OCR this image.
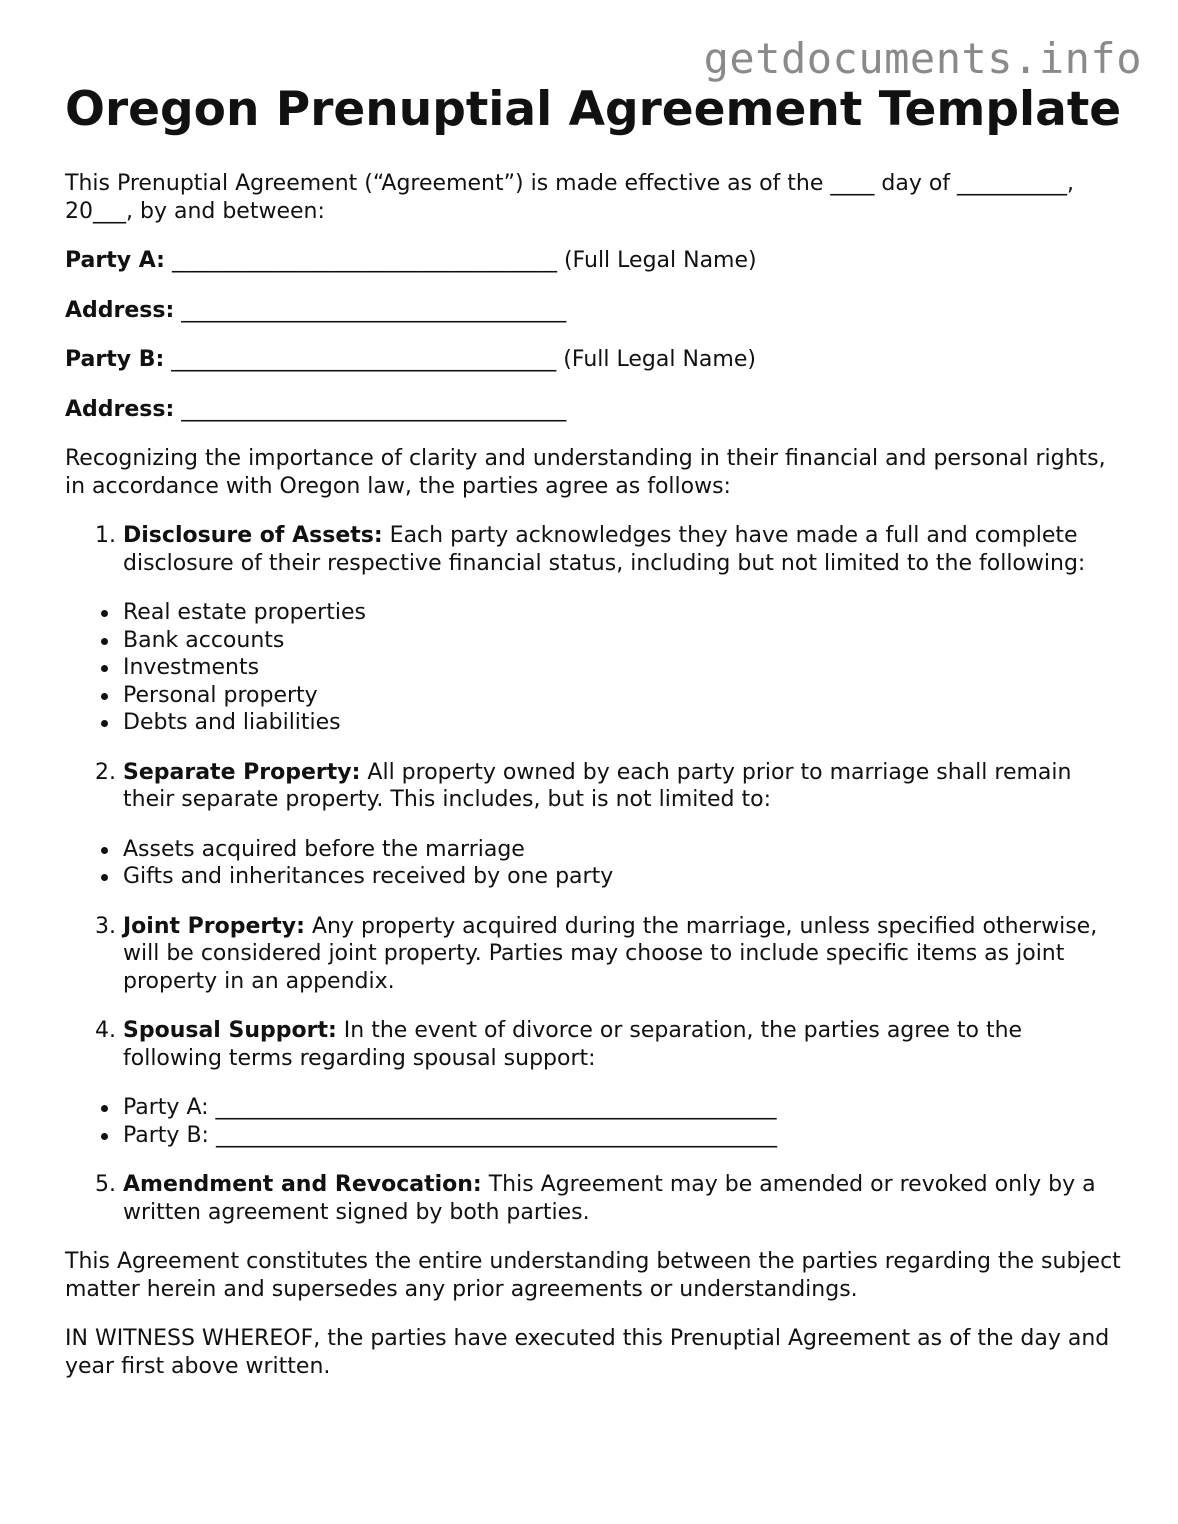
getdocuments.info
Oregon Prenuptial Agreement Template

This Prenuptial Agreement (“Agreement”) is made effective as of the ____ day of __________, 20___, by and between:

Party A: ___________________________________ (Full Legal Name)

Address: ___________________________________

Party B: ___________________________________ (Full Legal Name)

Address: ___________________________________

Recognizing the importance of clarity and understanding in their financial and personal rights, in accordance with Oregon law, the parties agree as follows:

1. Disclosure of Assets: Each party acknowledges they have made a full and complete disclosure of their respective financial status, including but not limited to the following:
Real estate properties
Bank accounts
Investments
Personal property
Debts and liabilities
2. Separate Property: All property owned by each party prior to marriage shall remain their separate property. This includes, but is not limited to:
Assets acquired before the marriage
Gifts and inheritances received by one party
3. Joint Property: Any property acquired during the marriage, unless specified otherwise, will be considered joint property. Parties may choose to include specific items as joint property in an appendix.
4. Spousal Support: In the event of divorce or separation, the parties agree to the following terms regarding spousal support:
Party A: ___________________________________________________
Party B: ___________________________________________________
5. Amendment and Revocation: This Agreement may be amended or revoked only by a written agreement signed by both parties.

This Agreement constitutes the entire understanding between the parties regarding the subject matter herein and supersedes any prior agreements or understandings.

IN WITNESS WHEREOF, the parties have executed this Prenuptial Agreement as of the day and year first above written.
